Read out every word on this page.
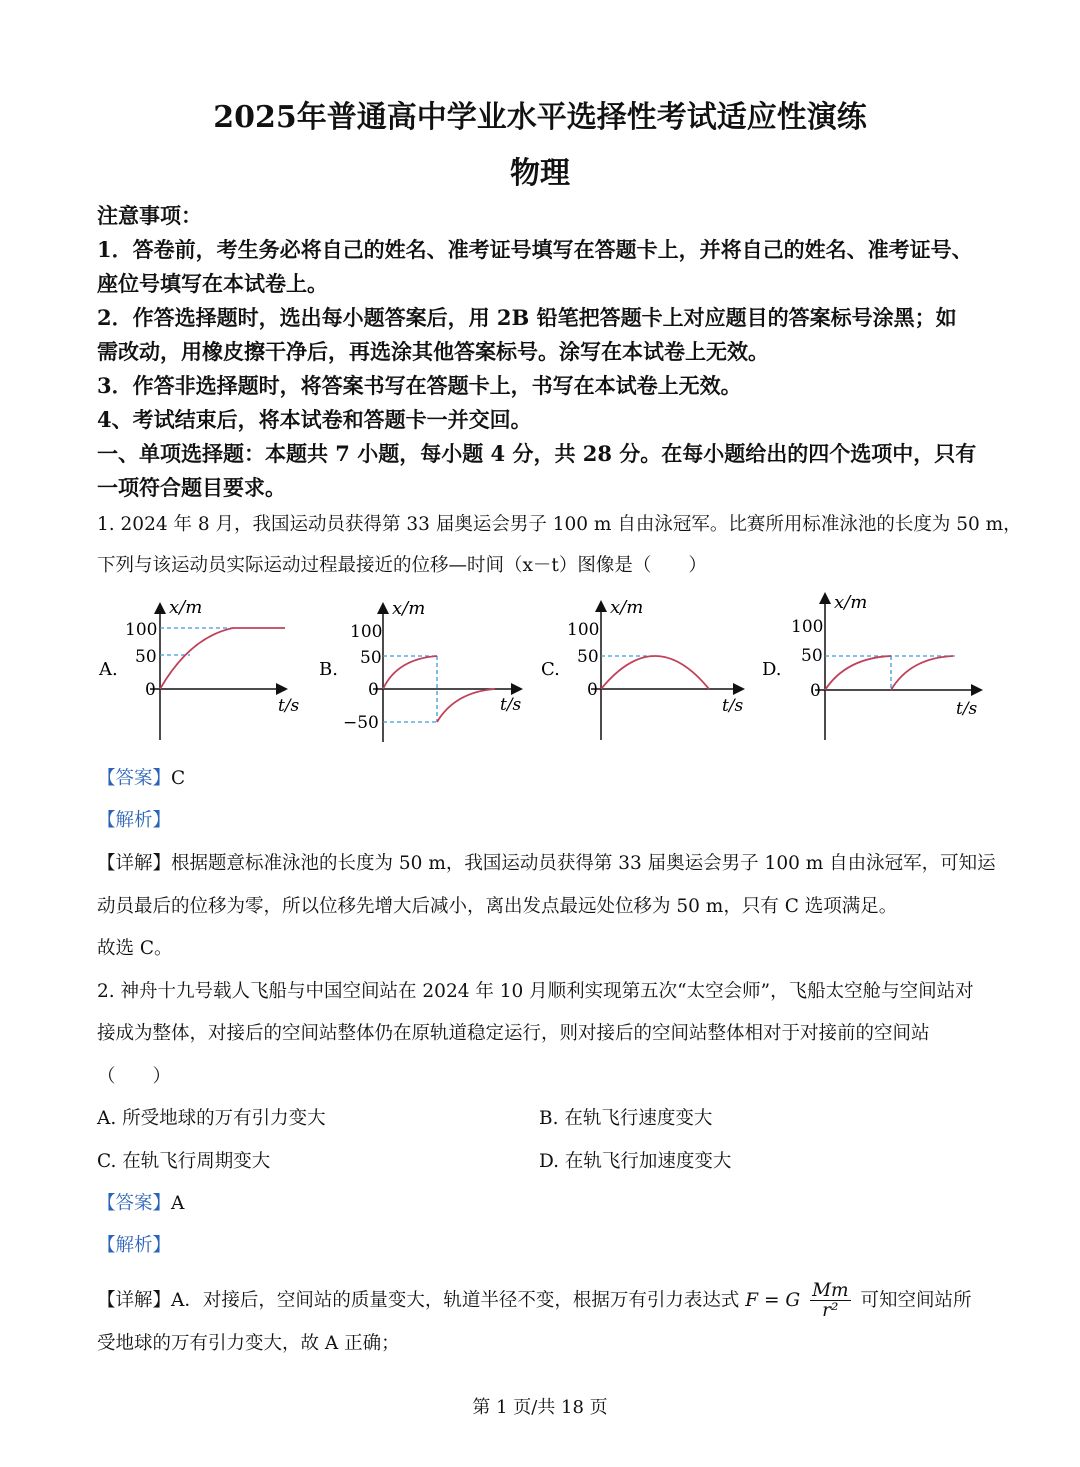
2025年普通高中学业水平选择性考试适应性演练
物理
注意事项：
1．答卷前，考生务必将自己的姓名、准考证号填写在答题卡上，并将自己的姓名、准考证号、
座位号填写在本试卷上。
2．作答选择题时，选出每小题答案后，用 2B 铅笔把答题卡上对应题目的答案标号涂黑；如
需改动，用橡皮擦干净后，再选涂其他答案标号。涂写在本试卷上无效。
3．作答非选择题时，将答案书写在答题卡上，书写在本试卷上无效。
4、考试结束后，将本试卷和答题卡一并交回。
一、单项选择题：本题共 7 小题，每小题 4 分，共 28 分。在每小题给出的四个选项中，只有
一项符合题目要求。
1. 2024 年 8 月，我国运动员获得第 33 届奥运会男子 100 m 自由泳冠军。比赛所用标准泳池的长度为 50 m，
下列与该运动员实际运动过程最接近的位移—时间（x－t）图像是（　　）
A.
x/m
t/s
100
50
0
B.
x/m
t/s
100
50
0
−50
C.
x/m
t/s
100
50
0
D.
x/m
t/s
100
50
0
【答案】C
【解析】
【详解】根据题意标准泳池的长度为 50 m，我国运动员获得第 33 届奥运会男子 100 m 自由泳冠军，可知运
动员最后的位移为零，所以位移先增大后减小，离出发点最远处位移为 50 m，只有 C 选项满足。
故选 C。
2. 神舟十九号载人飞船与中国空间站在 2024 年 10 月顺利实现第五次“太空会师”，飞船太空舱与空间站对
接成为整体，对接后的空间站整体仍在原轨道稳定运行，则对接后的空间站整体相对于对接前的空间站
（　　）
A. 所受地球的万有引力变大	B. 在轨飞行速度变大
C. 在轨飞行周期变大	D. 在轨飞行加速度变大
【答案】A
【解析】
【详解】A．对接后，空间站的质量变大，轨道半径不变，根据万有引力表达式 F = G $\frac{Mm}{\text{r²}}$ 可知空间站所
受地球的万有引力变大，故 A 正确；
第 1 页/共 18 页
